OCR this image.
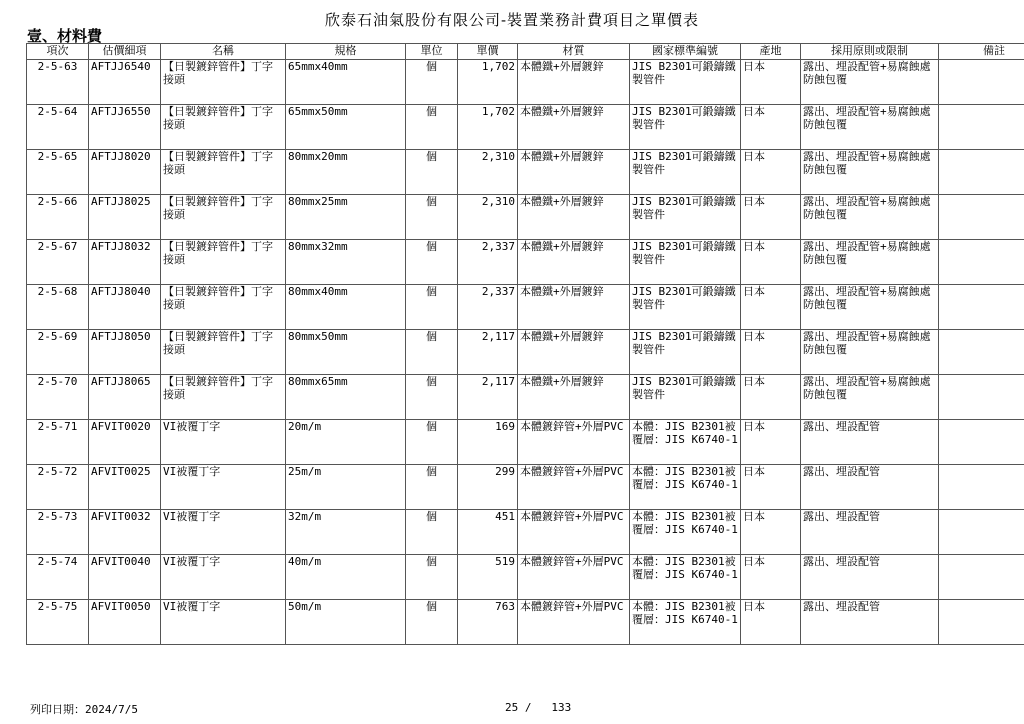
欣泰石油氣股份有限公司-裝置業務計費項目之單價表
壹、材料費
項次	估價細項	名稱	規格	單位	單價	材質	國家標準編號	產地	採用原則或限制	備註
2-5-63	AFTJJ6540	【日製鍍鋅管件】丁字接頭	65mmx40mm	個	1,702	本體鐵+外層鍍鋅	JIS B2301可鍛鑄鐵製管件	日本	露出、埋設配管+易腐蝕處防蝕包覆	
2-5-64	AFTJJ6550	【日製鍍鋅管件】丁字接頭	65mmx50mm	個	1,702	本體鐵+外層鍍鋅	JIS B2301可鍛鑄鐵製管件	日本	露出、埋設配管+易腐蝕處防蝕包覆	
2-5-65	AFTJJ8020	【日製鍍鋅管件】丁字接頭	80mmx20mm	個	2,310	本體鐵+外層鍍鋅	JIS B2301可鍛鑄鐵製管件	日本	露出、埋設配管+易腐蝕處防蝕包覆	
2-5-66	AFTJJ8025	【日製鍍鋅管件】丁字接頭	80mmx25mm	個	2,310	本體鐵+外層鍍鋅	JIS B2301可鍛鑄鐵製管件	日本	露出、埋設配管+易腐蝕處防蝕包覆	
2-5-67	AFTJJ8032	【日製鍍鋅管件】丁字接頭	80mmx32mm	個	2,337	本體鐵+外層鍍鋅	JIS B2301可鍛鑄鐵製管件	日本	露出、埋設配管+易腐蝕處防蝕包覆	
2-5-68	AFTJJ8040	【日製鍍鋅管件】丁字接頭	80mmx40mm	個	2,337	本體鐵+外層鍍鋅	JIS B2301可鍛鑄鐵製管件	日本	露出、埋設配管+易腐蝕處防蝕包覆	
2-5-69	AFTJJ8050	【日製鍍鋅管件】丁字接頭	80mmx50mm	個	2,117	本體鐵+外層鍍鋅	JIS B2301可鍛鑄鐵製管件	日本	露出、埋設配管+易腐蝕處防蝕包覆	
2-5-70	AFTJJ8065	【日製鍍鋅管件】丁字接頭	80mmx65mm	個	2,117	本體鐵+外層鍍鋅	JIS B2301可鍛鑄鐵製管件	日本	露出、埋設配管+易腐蝕處防蝕包覆	
2-5-71	AFVIT0020	VI被覆丁字	20m/m	個	169	本體鍍鋅管+外層PVC	本體：JIS B2301被覆層：JIS K6740-1	日本	露出、埋設配管	
2-5-72	AFVIT0025	VI被覆丁字	25m/m	個	299	本體鍍鋅管+外層PVC	本體：JIS B2301被覆層：JIS K6740-1	日本	露出、埋設配管	
2-5-73	AFVIT0032	VI被覆丁字	32m/m	個	451	本體鍍鋅管+外層PVC	本體：JIS B2301被覆層：JIS K6740-1	日本	露出、埋設配管	
2-5-74	AFVIT0040	VI被覆丁字	40m/m	個	519	本體鍍鋅管+外層PVC	本體：JIS B2301被覆層：JIS K6740-1	日本	露出、埋設配管	
2-5-75	AFVIT0050	VI被覆丁字	50m/m	個	763	本體鍍鋅管+外層PVC	本體：JIS B2301被覆層：JIS K6740-1	日本	露出、埋設配管	
列印日期：2024/7/5	25 /   133
